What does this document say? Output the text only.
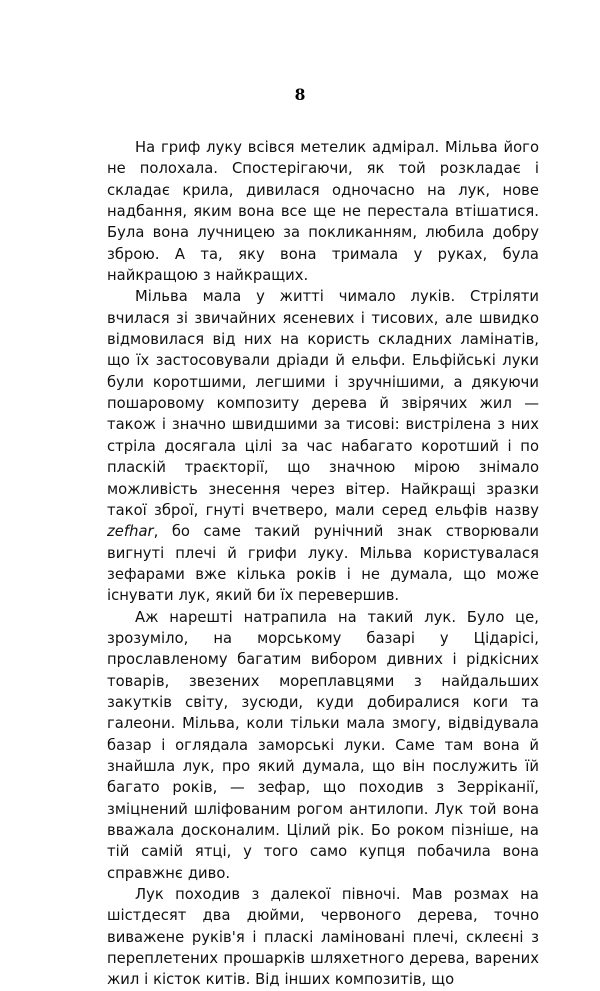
8

На гриф луку всівся метелик адмірал. Мільва його не полохала. Спостерігаючи, як той розкладає і складає крила, дивилася одночасно на лук, нове надбання, яким вона все ще не перестала втішатися. Була вона лучницею за покликанням, любила добру зброю. А та, яку вона тримала у руках, була найкращою з найкращих.

Мільва мала у житті чимало луків. Стріляти вчилася зі звичайних ясеневих і тисових, але швидко відмовилася від них на користь складних ламінатів, що їх застосовували дріади й ельфи. Ельфійські луки були коротшими, легшими і зручнішими, а дякуючи пошаровому композиту дерева й звірячих жил — також і значно швидшими за тисові: вистрілена з них стріла досягала цілі за час набагато коротший і по пласкій траєкторії, що значною мірою знімало можливість знесення через вітер. Найкращі зразки такої зброї, гнуті вчетверо, мали серед ельфів назву zefhar, бо саме такий рунічний знак створювали вигнуті плечі й грифи луку. Мільва користувалася зефарами вже кілька років і не думала, що може існувати лук, який би їх перевершив.

Аж нарешті натрапила на такий лук. Було це, зрозуміло, на морському базарі у Цідарісі, прославленому багатим вибором дивних і рідкісних товарів, звезених мореплавцями з найдальших закутків світу, зусюди, куди добиралися коги та галеони. Мільва, коли тільки мала змогу, відвідувала базар і оглядала заморські луки. Саме там вона й знайшла лук, про який думала, що він послужить їй багато років, — зефар, що походив з Зерріканії, зміцнений шліфованим рогом антилопи. Лук той вона вважала досконалим. Цілий рік. Бо роком пізніше, на тій самій ятці, у того само купця побачила вона справжнє диво.

Лук походив з далекої півночі. Мав розмах на шістдесят два дюйми, червоного дерева, точно виважене руків'я і пласкі ламіновані плечі, склеєні з переплетених прошарків шляхетного дерева, варених жил і кісток китів. Від інших композитів, що
